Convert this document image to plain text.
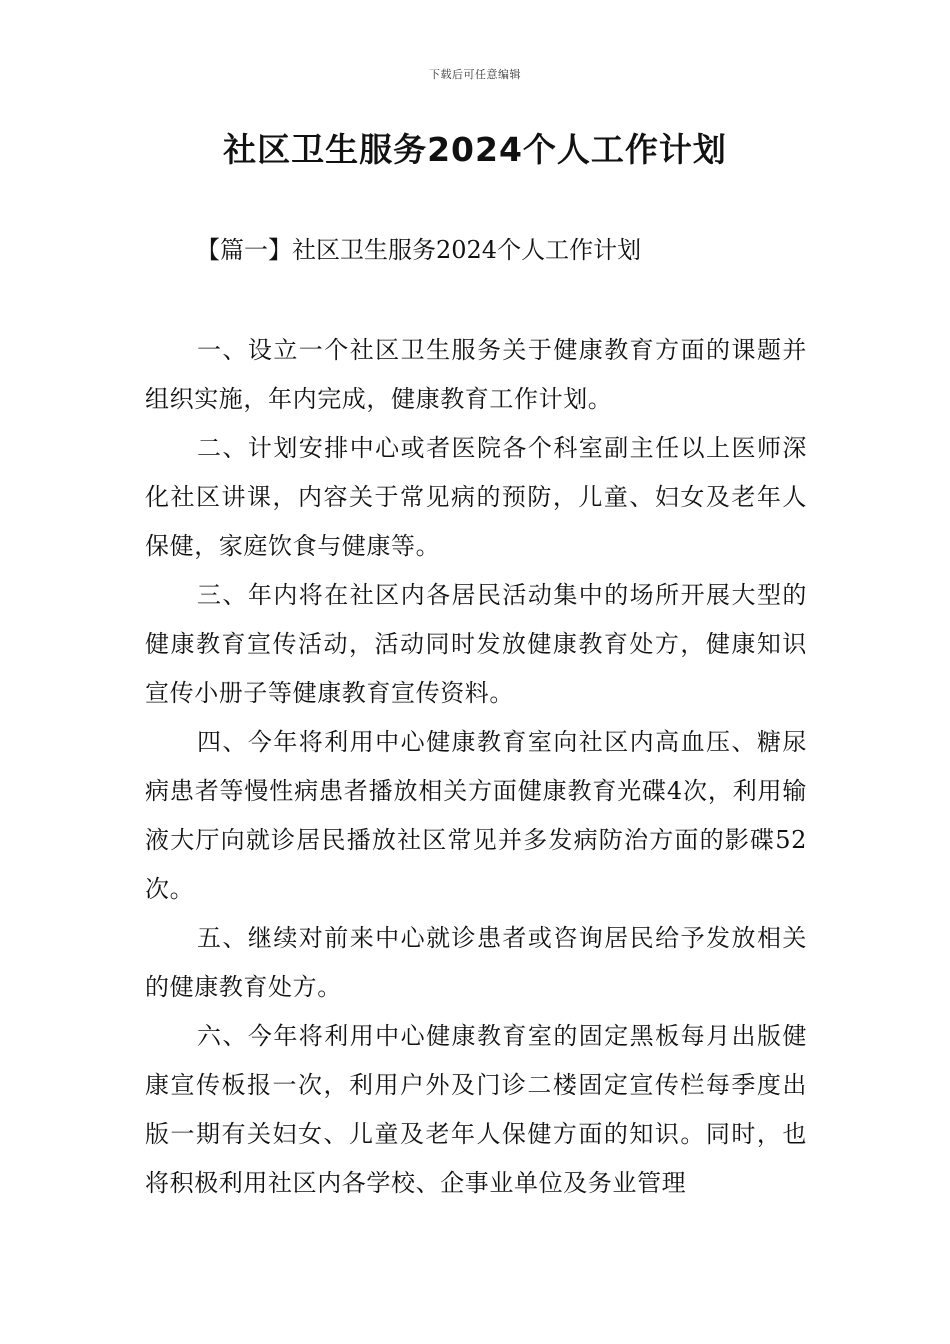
下载后可任意编辑
社区卫生服务2024个人工作计划
【篇一】社区卫生服务2024个人工作计划

一、设立一个社区卫生服务关于健康教育方面的课题并组织实施，年内完成，健康教育工作计划。

二、计划安排中心或者医院各个科室副主任以上医师深化社区讲课，内容关于常见病的预防，儿童、妇女及老年人保健，家庭饮食与健康等。

三、年内将在社区内各居民活动集中的场所开展大型的健康教育宣传活动，活动同时发放健康教育处方，健康知识宣传小册子等健康教育宣传资料。

四、今年将利用中心健康教育室向社区内高血压、糖尿病患者等慢性病患者播放相关方面健康教育光碟4次，利用输液大厅向就诊居民播放社区常见并多发病防治方面的影碟52次。

五、继续对前来中心就诊患者或咨询居民给予发放相关的健康教育处方。

六、今年将利用中心健康教育室的固定黑板每月出版健康宣传板报一次，利用户外及门诊二楼固定宣传栏每季度出版一期有关妇女、儿童及老年人保健方面的知识。同时，也将积极利用社区内各学校、企事业单位及务业管理
